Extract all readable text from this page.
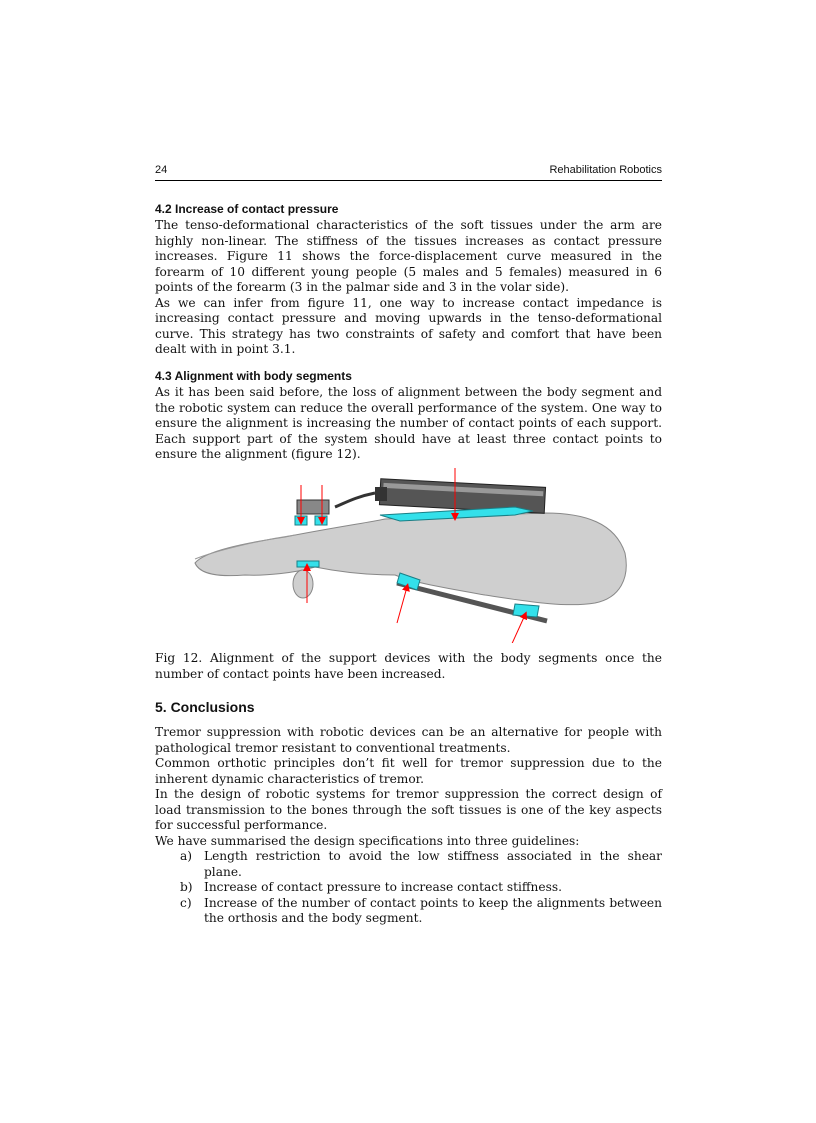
24	Rehabilitation Robotics
4.2 Increase of contact pressure

The tenso-deformational characteristics of the soft tissues under the arm are highly non-linear. The stiffness of the tissues increases as contact pressure increases. Figure 11 shows the force-displacement curve measured in the forearm of 10 different young people (5 males and 5 females) measured in 6 points of the forearm (3 in the palmar side and 3 in the volar side).

As we can infer from figure 11, one way to increase contact impedance is increasing contact pressure and moving upwards in the tenso-deformational curve. This strategy has two constraints of safety and comfort that have been dealt with in point 3.1.

4.3 Alignment with body segments

As it has been said before, the loss of alignment between the body segment and the robotic system can reduce the overall performance of the system. One way to ensure the alignment is increasing the number of contact points of each support. Each support part of the system should have at least three contact points to ensure the alignment (figure 12).

Fig 12. Alignment of the support devices with the body segments once the number of contact points have been increased.
5. Conclusions

Tremor suppression with robotic devices can be an alternative for people with pathological tremor resistant to conventional treatments.

Common orthotic principles don’t fit well for tremor suppression due to the inherent dynamic characteristics of tremor.

In the design of robotic systems for tremor suppression the correct design of load transmission to the bones through the soft tissues is one of the key aspects for successful performance.

We have summarised the design specifications into three guidelines:

a) Length restriction to avoid the low stiffness associated in the shear plane.
b) Increase of contact pressure to increase contact stiffness.
c) Increase of the number of contact points to keep the alignments between the orthosis and the body segment.
